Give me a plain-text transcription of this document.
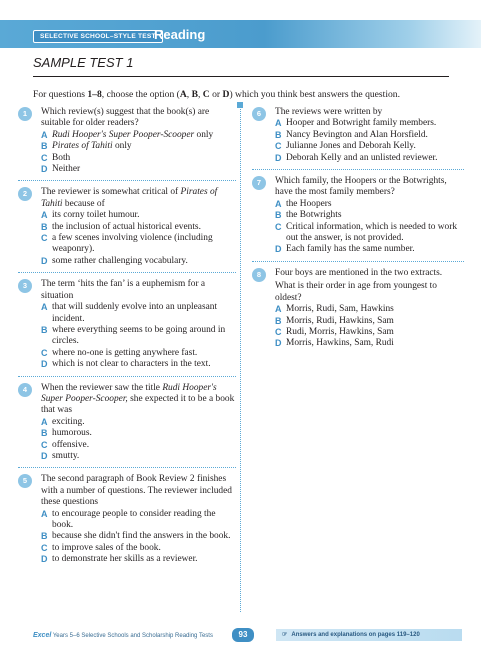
SELECTIVE SCHOOL–STYLE TEST
Reading
SAMPLE TEST 1
For questions 1–8, choose the option (A, B, C or D) which you think best answers the question.
1	Which review(s) suggest that the book(s) are suitable for older readers?
A Rudi Hooper's Super Pooper-Scooper only
B Pirates of Tahiti only
C Both
D Neither
2	The reviewer is somewhat critical of Pirates of Tahiti because of
A its corny toilet humour.
B the inclusion of actual historical events.
C a few scenes involving violence (including weaponry).
D some rather challenging vocabulary.
3	The term ‘hits the fan’ is a euphemism for a situation
A that will suddenly evolve into an unpleasant incident.
B where everything seems to be going around in circles.
C where no-one is getting anywhere fast.
D which is not clear to characters in the text.
4	When the reviewer saw the title Rudi Hooper's Super Pooper-Scooper, she expected it to be a book that was
A exciting.
B humorous.
C offensive.
D smutty.
5	The second paragraph of Book Review 2 finishes with a number of questions. The reviewer included these questions
A to encourage people to consider reading the book.
B because she didn't find the answers in the book.
C to improve sales of the book.
D to demonstrate her skills as a reviewer.
6	The reviews were written by
A Hooper and Botwright family members.
B Nancy Bevington and Alan Horsfield.
C Julianne Jones and Deborah Kelly.
D Deborah Kelly and an unlisted reviewer.
7	Which family, the Hoopers or the Botwrights, have the most family members?
A the Hoopers
B the Botwrights
C Critical information, which is needed to work out the answer, is not provided.
D Each family has the same number.
8	Four boys are mentioned in the two extracts.
What is their order in age from youngest to oldest?
A Morris, Rudi, Sam, Hawkins
B Morris, Rudi, Hawkins, Sam
C Rudi, Morris, Hawkins, Sam
D Morris, Hawkins, Sam, Rudi
Excel Years 5–6 Selective Schools and Scholarship Reading Tests	93	☞ Answers and explanations on pages 119–120
